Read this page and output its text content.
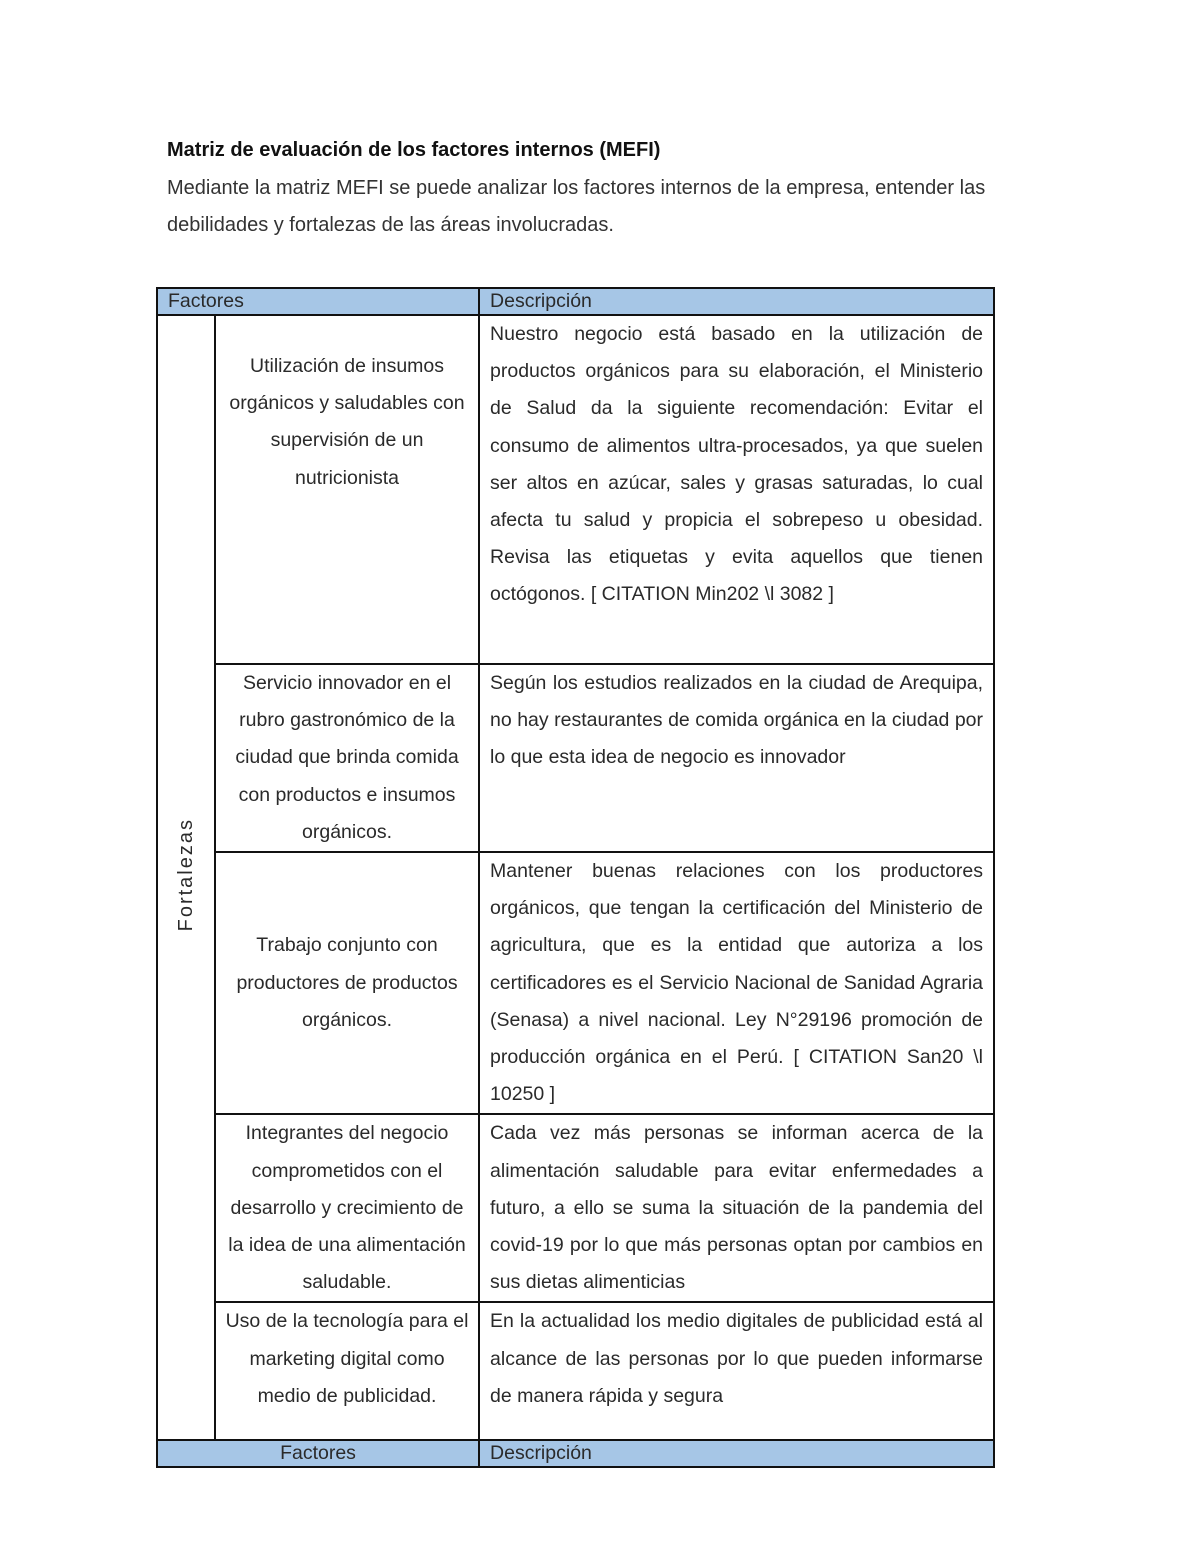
Matriz de evaluación de los factores internos (MEFI)
Mediante la matriz MEFI se puede analizar los factores internos de la empresa, entender las debilidades y fortalezas de las áreas involucradas.
Factores		Descripción
Fortalezas	Utilización de insumos orgánicos y saludables con supervisión de un nutricionista	Nuestro negocio está basado en la utilización de productos orgánicos para su elaboración, el Ministerio de Salud da la siguiente recomendación: Evitar el consumo de alimentos ultra-procesados, ya que suelen ser altos en azúcar, sales y grasas saturadas, lo cual afecta tu salud y propicia el sobrepeso u obesidad. Revisa las etiquetas y evita aquellos que tienen octógonos. [ CITATION Min202 \l 3082 ]
	Servicio innovador en el rubro gastronómico de la ciudad que brinda comida con productos e insumos orgánicos.	Según los estudios realizados en la ciudad de Arequipa, no hay restaurantes de comida orgánica en la ciudad por lo que esta idea de negocio es innovador
	Trabajo conjunto con productores de productos orgánicos.	Mantener buenas relaciones con los productores orgánicos, que tengan la certificación del Ministerio de agricultura, que es la entidad que autoriza a los certificadores es el Servicio Nacional de Sanidad Agraria (Senasa) a nivel nacional. Ley N°29196 promoción de producción orgánica en el Perú. [ CITATION San20 \l 10250 ]
	Integrantes del negocio comprometidos con el desarrollo y crecimiento de la idea de una alimentación saludable.	Cada vez más personas se informan acerca de la alimentación saludable para evitar enfermedades a futuro, a ello se suma la situación de la pandemia del covid-19 por lo que más personas optan por cambios en sus dietas alimenticias
	Uso de la tecnología para el marketing digital como medio de publicidad.	En la actualidad los medio digitales de publicidad está al alcance de las personas por lo que pueden informarse de manera rápida y segura
Factores		Descripción
